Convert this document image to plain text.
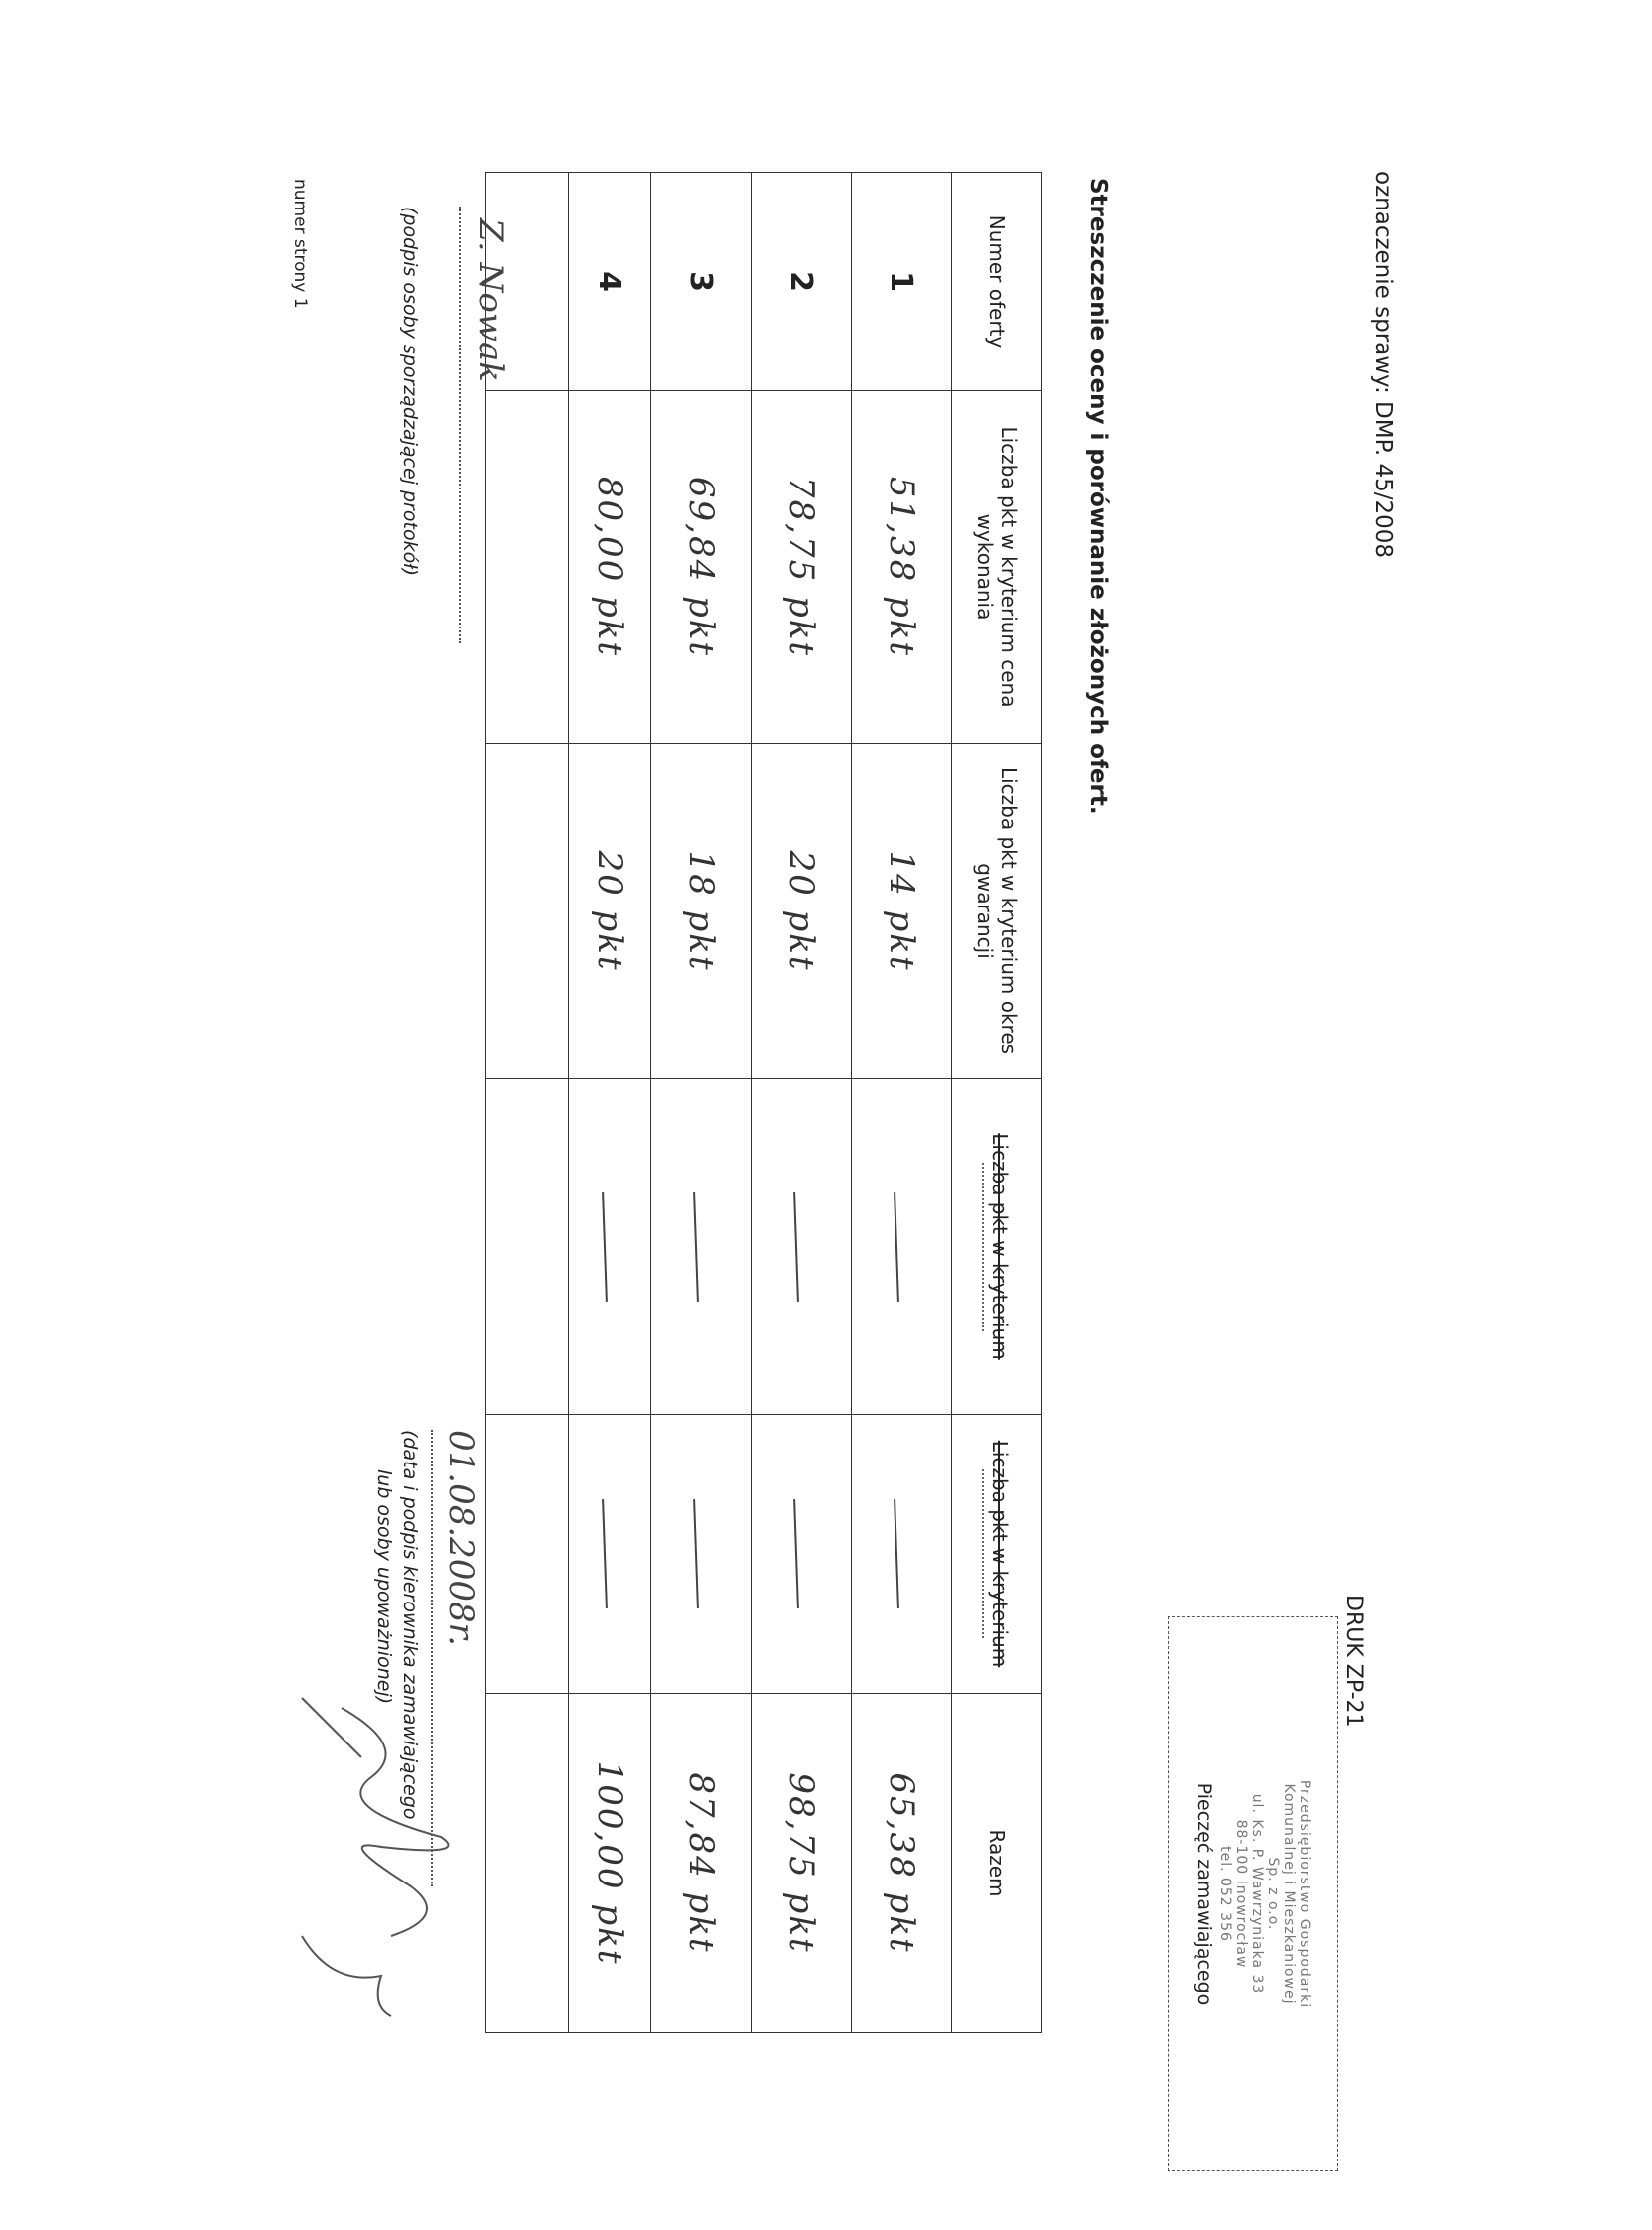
oznaczenie sprawy: DMP. 45/2008
DRUK ZP-21
Przedsiębiorstwo Gospodarki
Komunalnej i Mieszkaniowej
Sp. z o.o.
ul. Ks. P. Wawrzyniaka 33
88-100 Inowrocław
tel. 052 356
Pieczęć zamawiającego
Streszczenie oceny i porównanie złożonych ofert.
Numer oferty	Liczba pkt w kryterium cena wykonania	Liczba pkt w kryterium okres gwarancji	Liczba pkt w kryterium	Liczba pkt w kryterium	Razem
1	51,38 pkt	14 pkt			65,38 pkt
2	78,75 pkt	20 pkt			98,75 pkt
3	69,84 pkt	18 pkt			87,84 pkt
4	80,00 pkt	20 pkt			100,00 pkt

Z. Nowak
(podpis osoby sporządzającej protokół)
01.08.2008r.
(data i podpis kierownika zamawiającego
lub osoby upoważnionej)
numer strony 1
